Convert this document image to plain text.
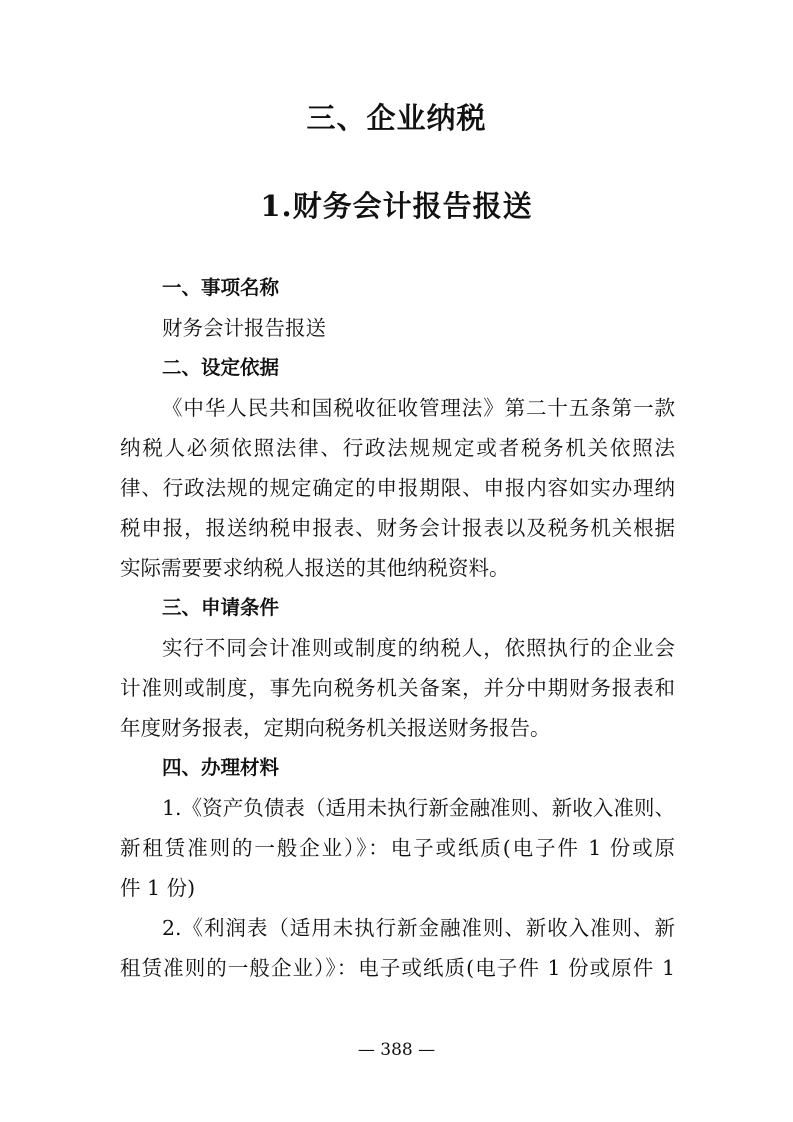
三、企业纳税
1.财务会计报告报送
一、事项名称
财务会计报告报送
二、设定依据
《中华人民共和国税收征收管理法》第二十五条第一款
纳税人必须依照法律、行政法规规定或者税务机关依照法
律、行政法规的规定确定的申报期限、申报内容如实办理纳
税申报，报送纳税申报表、财务会计报表以及税务机关根据
实际需要要求纳税人报送的其他纳税资料。
三、申请条件
实行不同会计准则或制度的纳税人，依照执行的企业会
计准则或制度，事先向税务机关备案，并分中期财务报表和
年度财务报表，定期向税务机关报送财务报告。
四、办理材料
1.《资产负债表（适用未执行新金融准则、新收入准则、
新租赁准则的一般企业）》：电子或纸质(电子件 1 份或原
件 1 份)
2.《利润表（适用未执行新金融准则、新收入准则、新
租赁准则的一般企业）》：电子或纸质(电子件 1 份或原件 1
— 388 —
